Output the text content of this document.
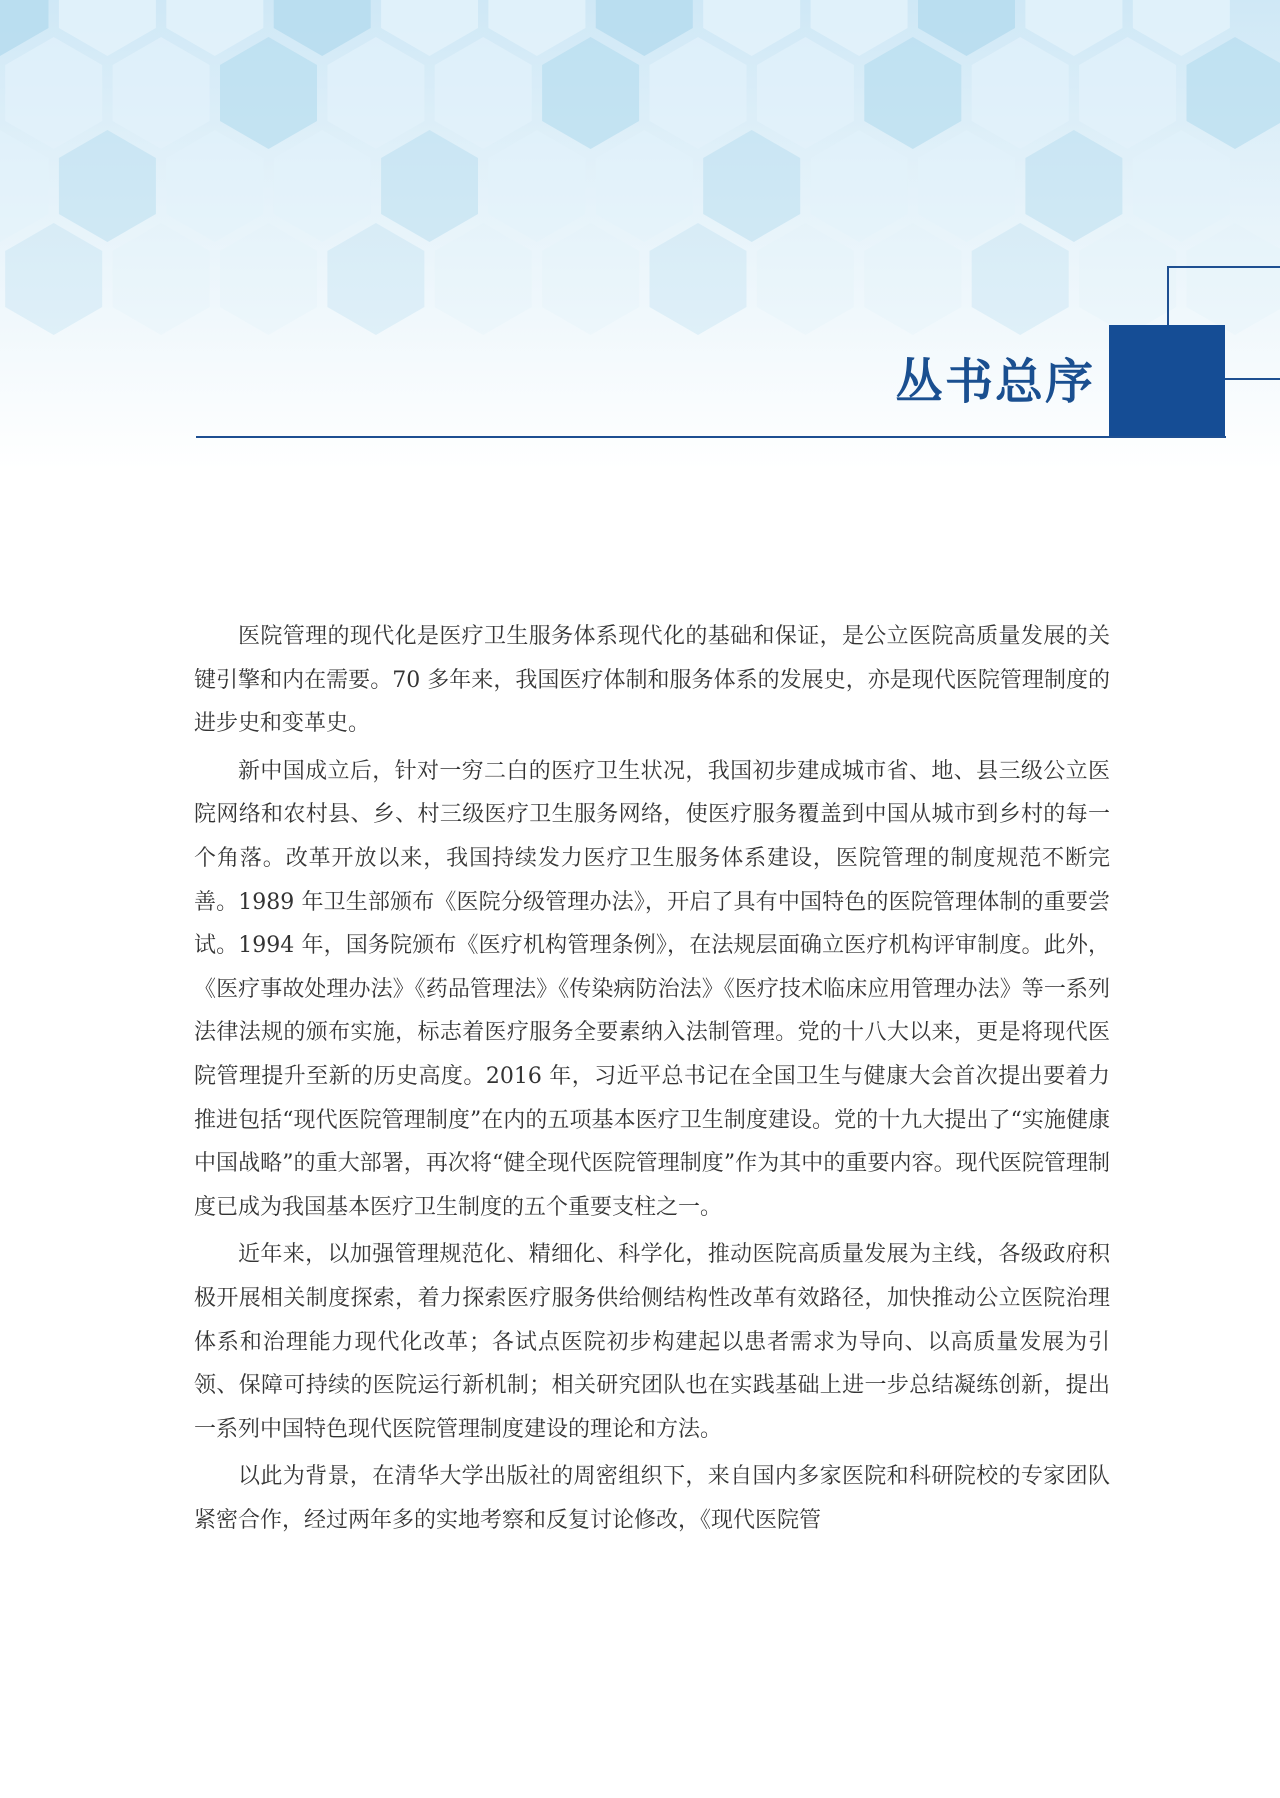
丛书总序

医院管理的现代化是医疗卫生服务体系现代化的基础和保证，是公立医院高质量发展的关键引擎和内在需要。70 多年来，我国医疗体制和服务体系的发展史，亦是现代医院管理制度的进步史和变革史。

新中国成立后，针对一穷二白的医疗卫生状况，我国初步建成城市省、地、县三级公立医院网络和农村县、乡、村三级医疗卫生服务网络，使医疗服务覆盖到中国从城市到乡村的每一个角落。改革开放以来，我国持续发力医疗卫生服务体系建设，医院管理的制度规范不断完善。1989 年卫生部颁布《医院分级管理办法》，开启了具有中国特色的医院管理体制的重要尝试。1994 年，国务院颁布《医疗机构管理条例》，在法规层面确立医疗机构评审制度。此外，《医疗事故处理办法》《药品管理法》《传染病防治法》《医疗技术临床应用管理办法》等一系列法律法规的颁布实施，标志着医疗服务全要素纳入法制管理。党的十八大以来，更是将现代医院管理提升至新的历史高度。2016 年，习近平总书记在全国卫生与健康大会首次提出要着力推进包括“现代医院管理制度”在内的五项基本医疗卫生制度建设。党的十九大提出了“实施健康中国战略”的重大部署，再次将“健全现代医院管理制度”作为其中的重要内容。现代医院管理制度已成为我国基本医疗卫生制度的五个重要支柱之一。

近年来，以加强管理规范化、精细化、科学化，推动医院高质量发展为主线，各级政府积极开展相关制度探索，着力探索医疗服务供给侧结构性改革有效路径，加快推动公立医院治理体系和治理能力现代化改革；各试点医院初步构建起以患者需求为导向、以高质量发展为引领、保障可持续的医院运行新机制；相关研究团队也在实践基础上进一步总结凝练创新，提出一系列中国特色现代医院管理制度建设的理论和方法。

以此为背景，在清华大学出版社的周密组织下，来自国内多家医院和科研院校的专家团队紧密合作，经过两年多的实地考察和反复讨论修改，《现代医院管
